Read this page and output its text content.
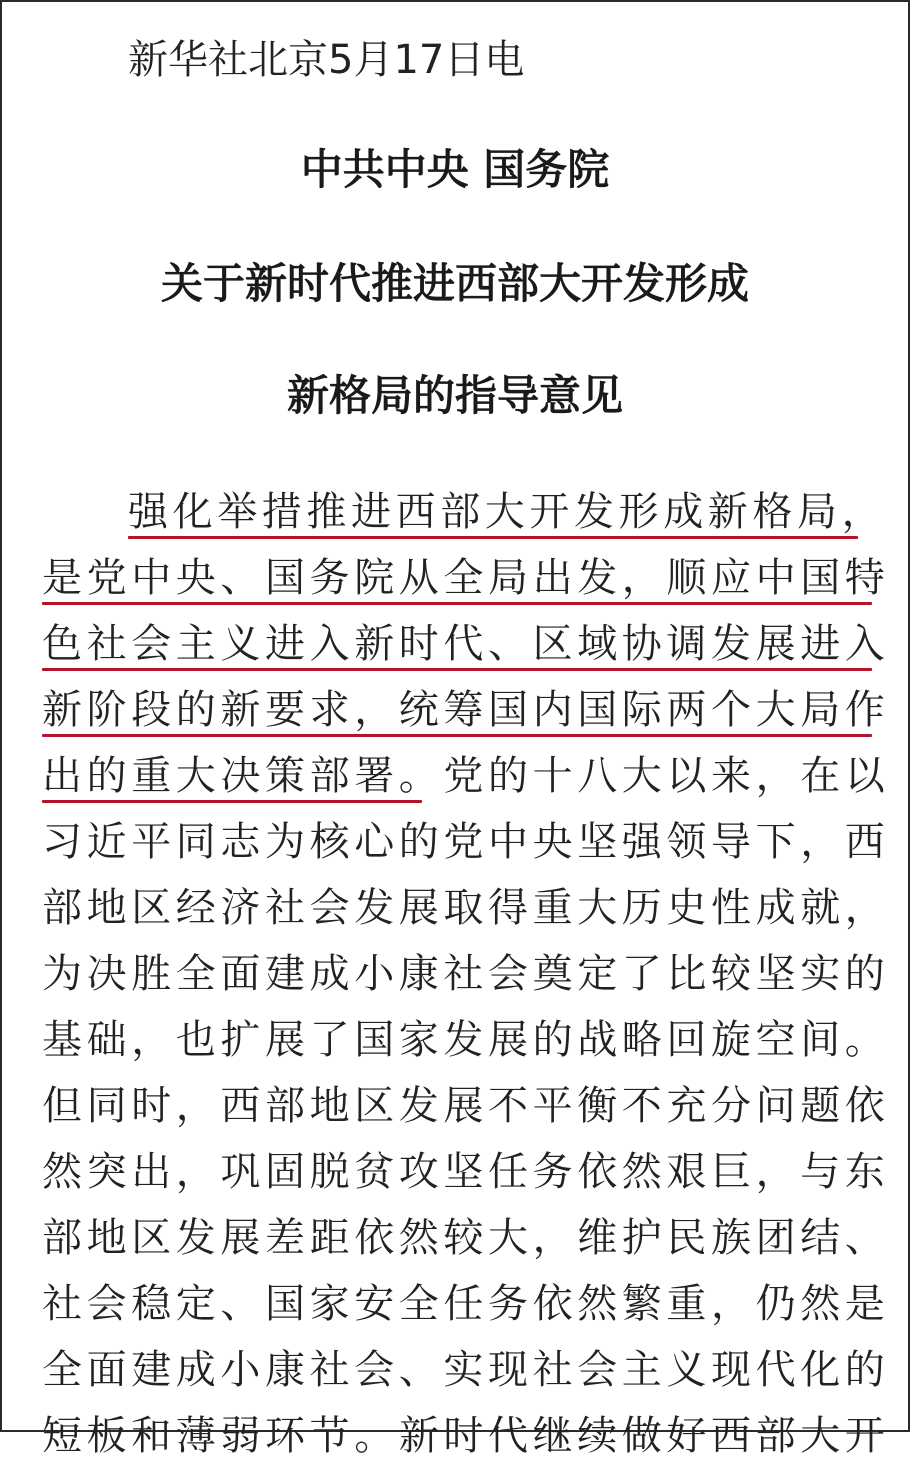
新华社北京5月17日电
中共中央 国务院
关于新时代推进西部大开发形成
新格局的指导意见
强化举措推进西部大开发形成新格局，
是党中央、国务院从全局出发，顺应中国特
色社会主义进入新时代、区域协调发展进入
新阶段的新要求，统筹国内国际两个大局作
出的重大决策部署。党的十八大以来，在以
习近平同志为核心的党中央坚强领导下，西
部地区经济社会发展取得重大历史性成就，
为决胜全面建成小康社会奠定了比较坚实的
基础，也扩展了国家发展的战略回旋空间。
但同时，西部地区发展不平衡不充分问题依
然突出，巩固脱贫攻坚任务依然艰巨，与东
部地区发展差距依然较大，维护民族团结、
社会稳定、国家安全任务依然繁重，仍然是
全面建成小康社会、实现社会主义现代化的
短板和薄弱环节。新时代继续做好西部大开
